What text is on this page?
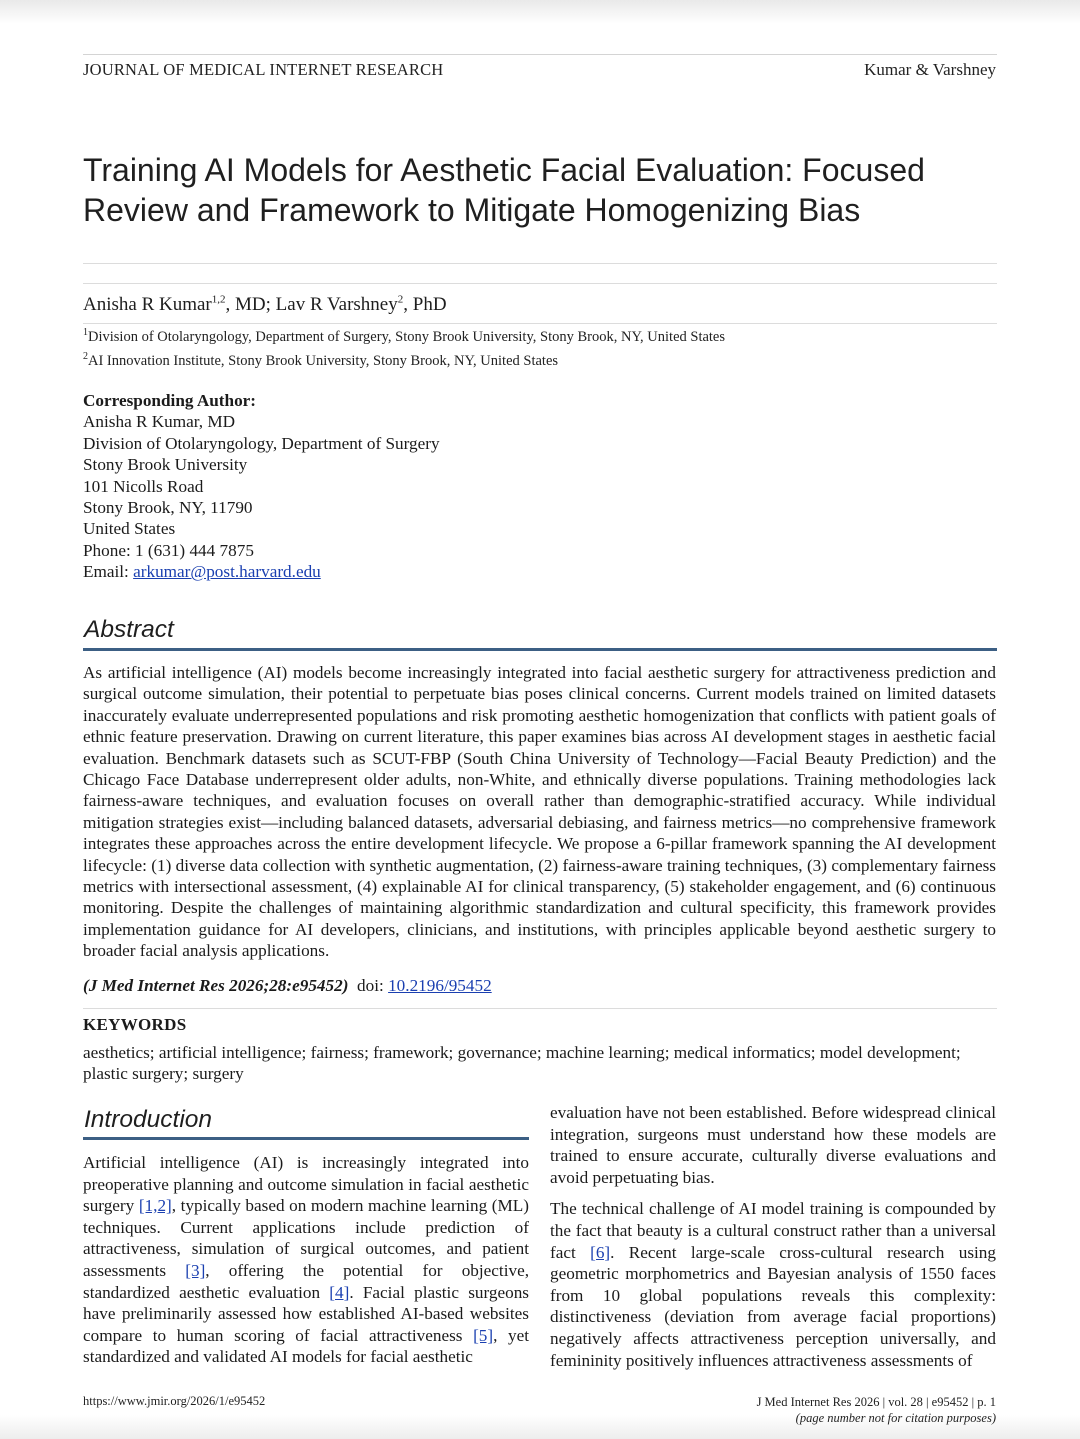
JOURNAL OF MEDICAL INTERNET RESEARCH	Kumar & Varshney
Training AI Models for Aesthetic Facial Evaluation: Focused Review and Framework to Mitigate Homogenizing Bias
Anisha R Kumar$^{1,2}$, MD; Lav R Varshney$^2$, PhD
$^1$Division of Otolaryngology, Department of Surgery, Stony Brook University, Stony Brook, NY, United States
$^2$AI Innovation Institute, Stony Brook University, Stony Brook, NY, United States
Corresponding Author:
Anisha R Kumar, MD
Division of Otolaryngology, Department of Surgery
Stony Brook University
101 Nicolls Road
Stony Brook, NY, 11790
United States
Phone: 1 (631) 444 7875
Email: arkumar@post.harvard.edu
Abstract
As artificial intelligence (AI) models become increasingly integrated into facial aesthetic surgery for attractiveness prediction and surgical outcome simulation, their potential to perpetuate bias poses clinical concerns. Current models trained on limited datasets inaccurately evaluate underrepresented populations and risk promoting aesthetic homogenization that conflicts with patient goals of ethnic feature preservation. Drawing on current literature, this paper examines bias across AI development stages in aesthetic facial evaluation. Benchmark datasets such as SCUT-FBP (South China University of Technology—Facial Beauty Prediction) and the Chicago Face Database underrepresent older adults, non-White, and ethnically diverse populations. Training methodologies lack fairness-aware techniques, and evaluation focuses on overall rather than demographic-stratified accuracy. While individual mitigation strategies exist—including balanced datasets, adversarial debiasing, and fairness metrics—no comprehensive framework integrates these approaches across the entire development lifecycle. We propose a 6-pillar framework spanning the AI development lifecycle: (1) diverse data collection with synthetic augmentation, (2) fairness-aware training techniques, (3) complementary fairness metrics with intersectional assessment, (4) explainable AI for clinical transparency, (5) stakeholder engagement, and (6) continuous monitoring. Despite the challenges of maintaining algorithmic standardization and cultural specificity, this framework provides implementation guidance for AI developers, clinicians, and institutions, with principles applicable beyond aesthetic surgery to broader facial analysis applications.
(J Med Internet Res 2026;28:e95452) doi: 10.2196/95452
KEYWORDS
aesthetics; artificial intelligence; fairness; framework; governance; machine learning; medical informatics; model development; plastic surgery; surgery
Introduction

Artificial intelligence (AI) is increasingly integrated into preoperative planning and outcome simulation in facial aesthetic surgery [1,2], typically based on modern machine learning (ML) techniques. Current applications include prediction of attractiveness, simulation of surgical outcomes, and patient assessments [3], offering the potential for objective, standardized aesthetic evaluation [4]. Facial plastic surgeons have preliminarily assessed how established AI-based websites compare to human scoring of facial attractiveness [5], yet standardized and validated AI models for facial aesthetic

evaluation have not been established. Before widespread clinical integration, surgeons must understand how these models are trained to ensure accurate, culturally diverse evaluations and avoid perpetuating bias.

The technical challenge of AI model training is compounded by the fact that beauty is a cultural construct rather than a universal fact [6]. Recent large-scale cross-cultural research using geometric morphometrics and Bayesian analysis of 1550 faces from 10 global populations reveals this complexity: distinctiveness (deviation from average facial proportions) negatively affects attractiveness perception universally, and femininity positively influences attractiveness assessments of

https://www.jmir.org/2026/1/e95452	J Med Internet Res 2026 | vol. 28 | e95452 | p. 1
(page number not for citation purposes)
